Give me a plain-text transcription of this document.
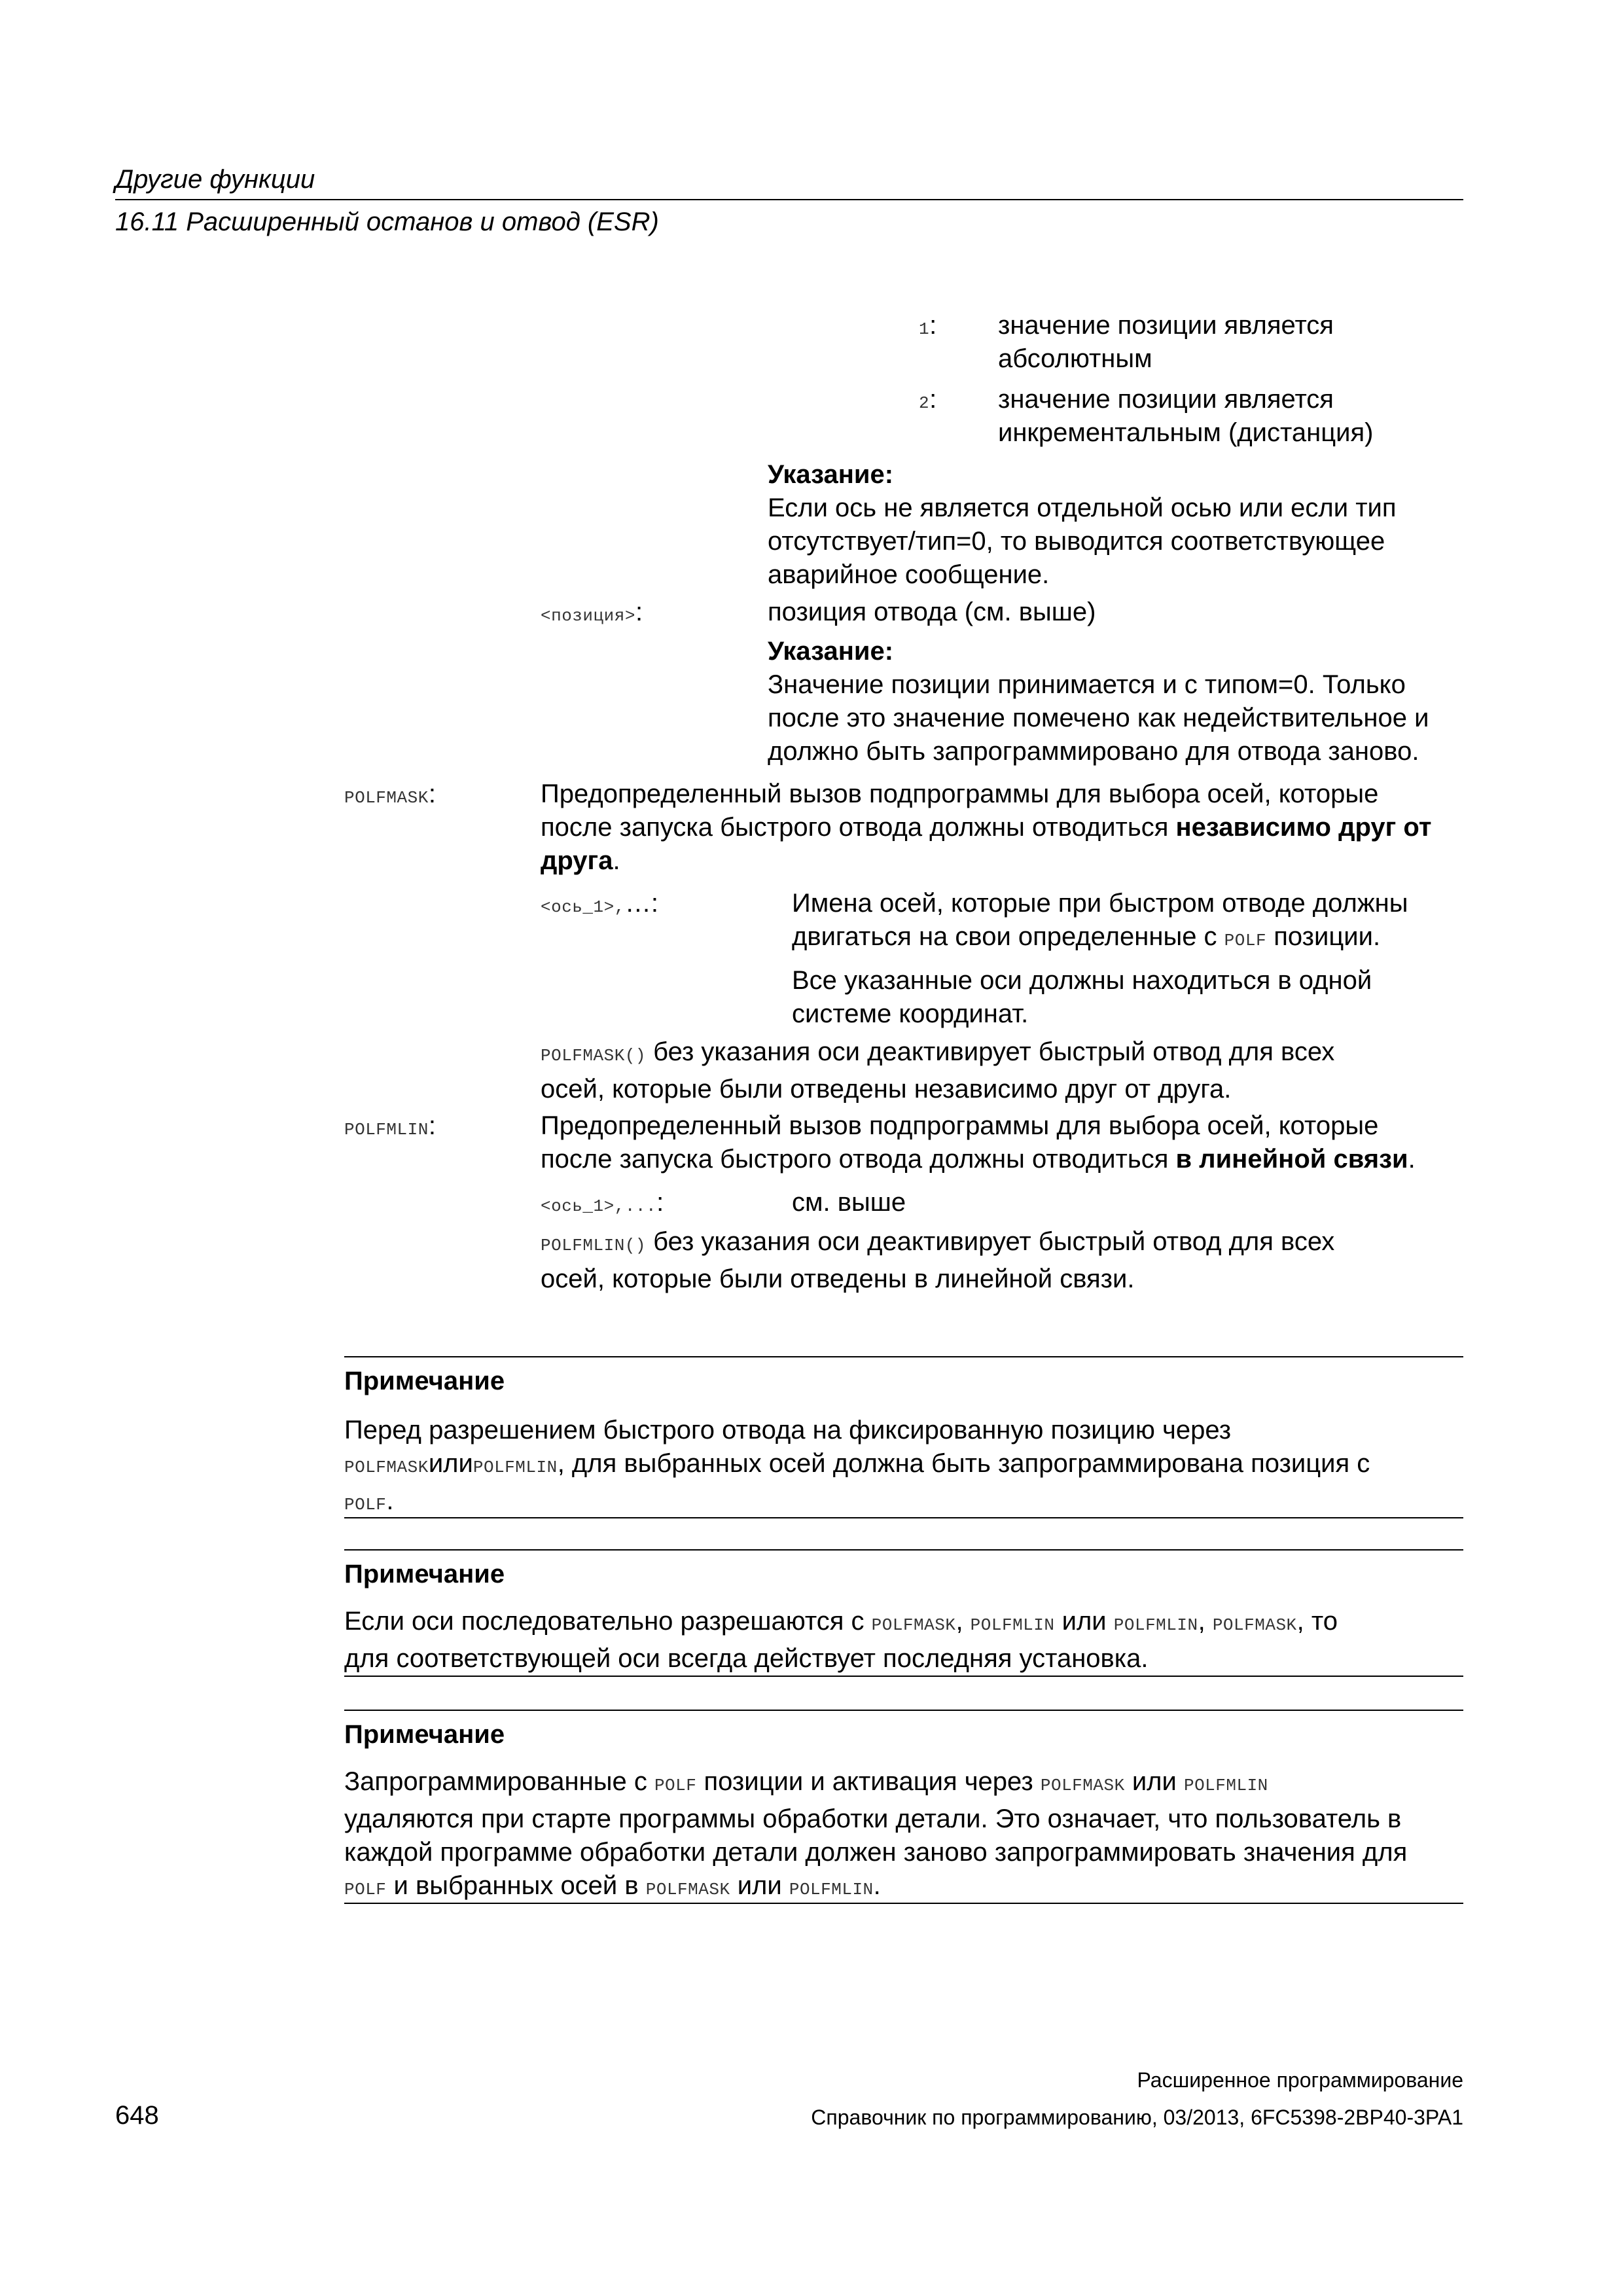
Другие функции
16.11 Расширенный останов и отвод (ESR)
1: значение позиции является
абсолютным
2: значение позиции является
инкрементальным (дистанция)
Указание:
Если ось не является отдельной осью или если тип
отсутствует/тип=0, то выводится соответствующее
аварийное сообщение.
<позиция>:	позиция отвода (см. выше)
Указание:
Значение позиции принимается и с типом=0. Только
после это значение помечено как недействительное и
должно быть запрограммировано для отвода заново.
POLFMASK:	Предопределенный вызов подпрограммы для выбора осей, которые
после запуска быстрого отвода должны отводиться независимо друг от
друга.
<ось_1>,…:	Имена осей, которые при быстром отводе должны
двигаться на свои определенные с POLF позиции.
Все указанные оси должны находиться в одной
системе координат.
POLFMASK() без указания оси деактивирует быстрый отвод для всех
осей, которые были отведены независимо друг от друга.
POLFMLIN:	Предопределенный вызов подпрограммы для выбора осей, которые
после запуска быстрого отвода должны отводиться в линейной связи.
<ось_1>,...:	см. выше
POLFMLIN() без указания оси деактивирует быстрый отвод для всех
осей, которые были отведены в линейной связи.
Примечание
Перед разрешением быстрого отвода на фиксированную позицию через
POLFMASKилиPOLFMLIN, для выбранных осей должна быть запрограммирована позиция с
POLF.
Примечание
Если оси последовательно разрешаются с POLFMASK, POLFMLIN или POLFMLIN, POLFMASK, то
для соответствующей оси всегда действует последняя установка.
Примечание
Запрограммированные с POLF позиции и активация через POLFMASK или POLFMLIN
удаляются при старте программы обработки детали. Это означает, что пользователь в
каждой программе обработки детали должен заново запрограммировать значения для
POLF и выбранных осей в POLFMASK или POLFMLIN.
Расширенное программирование
648	Справочник по программированию, 03/2013, 6FC5398-2BP40-3PA1
